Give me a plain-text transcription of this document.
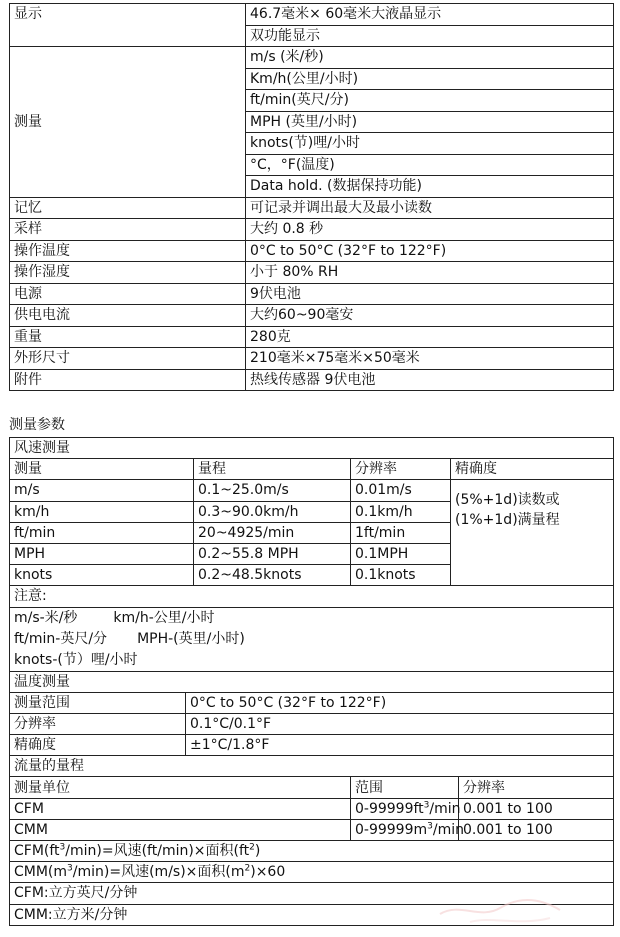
显示	46.7毫米× 60毫米大液晶显示
	双功能显示
测量	m/s (米/秒)
	Km/h(公里/小时)
	ft/min(英尺/分)
	MPH (英里/小时)
	knots(节)哩/小时
	°C，°F(温度)
	Data hold. (数据保持功能)
记忆	可记录并调出最大及最小读数
采样	大约 0.8 秒
操作温度	0°C to 50°C (32°F to 122°F)
操作湿度	小于 80% RH
电源	9伏电池
供电电流	大约60~90毫安
重量	280克
外形尺寸	210毫米×75毫米×50毫米
附件	热线传感器 9伏电池
测量参数
风速测量					
测量		量程	分辨率	精确度	
m/s		0.1~25.0m/s	0.01m/s	(5%+1d)读数或
(1%+1d)满量程	

km/h		0.3~90.0km/h	0.1km/h		
ft/min		20~4925/min	1ft/min		
MPH		0.2~55.8 MPH	0.1MPH		
knots		0.2~48.5knots	0.1knots		
注意:					

m/s-米/秒 km/h-公里/小时
ft/min-英尺/分 MPH-(英里/小时)
knots-(节）哩/小时					

温度测量					
测量范围	0°C to 50°C (32°F to 122°F)				
分辨率	0.1°C/0.1°F				
精确度	±1°C/1.8°F				
流量的量程					
测量单位			范围		分辨率
CFM			$0-99999ft^3/\min$		0.001 to 100
CMM			$0-99999m^3/\min$		0.001 to 100
$CFM(ft^3/\min)=$风速(ft/min)×面积$(ft^2)$					
$CMM(m^3/\min)=$风速(m/s)×面积$(m^2)\times 60$					
CFM:立方英尺/分钟					
CMM:立方米/分钟					
